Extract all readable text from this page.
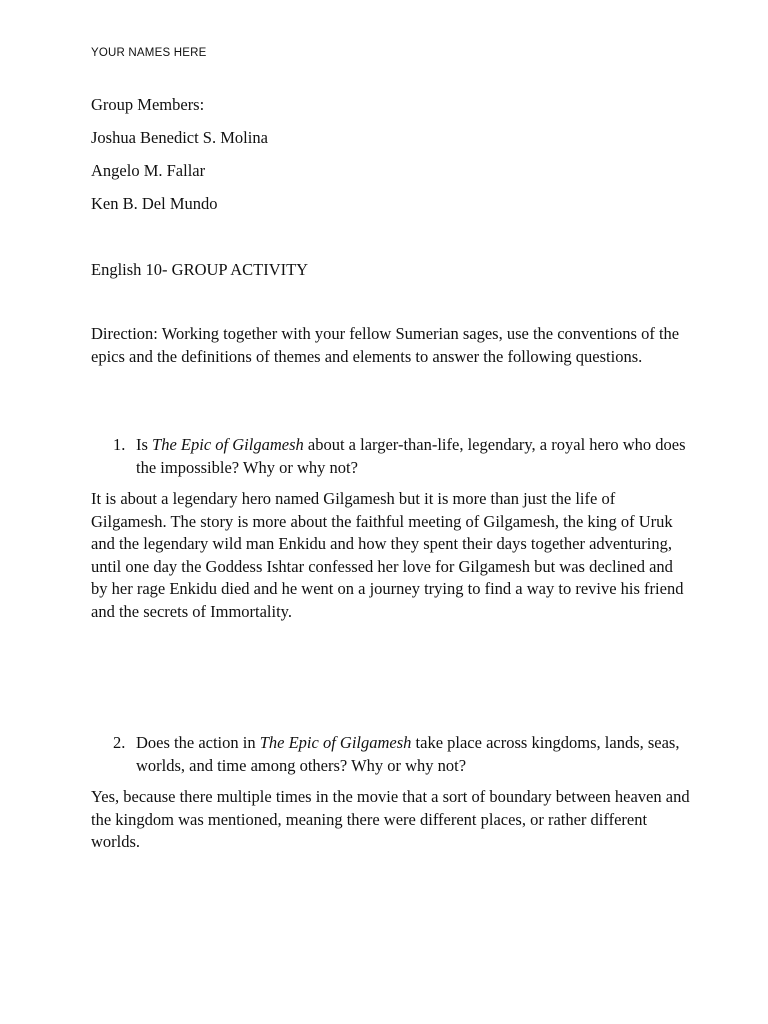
YOUR NAMES HERE
Group Members:
Joshua Benedict S. Molina
Angelo M. Fallar
Ken B. Del Mundo
English 10- GROUP ACTIVITY
Direction: Working together with your fellow Sumerian sages, use the conventions of the epics and the definitions of themes and elements to answer the following questions.
1. Is The Epic of Gilgamesh about a larger-than-life, legendary, a royal hero who does the impossible? Why or why not?
It is about a legendary hero named Gilgamesh but it is more than just the life of Gilgamesh. The story is more about the faithful meeting of Gilgamesh, the king of Uruk and the legendary wild man Enkidu and how they spent their days together adventuring, until one day the Goddess Ishtar confessed her love for Gilgamesh but was declined and by her rage Enkidu died and he went on a journey trying to find a way to revive his friend and the secrets of Immortality.
2. Does the action in The Epic of Gilgamesh take place across kingdoms, lands, seas, worlds, and time among others? Why or why not?
Yes, because there multiple times in the movie that a sort of boundary between heaven and the kingdom was mentioned, meaning there were different places, or rather different worlds.
